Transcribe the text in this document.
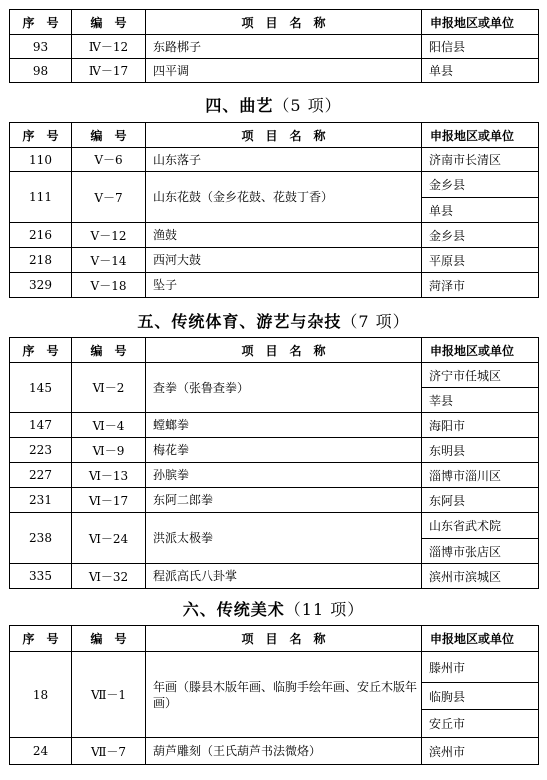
序　号	编　号	项　目　名　称	申报地区或单位
93	Ⅳ－12	东路梆子	阳信县
98	Ⅳ－17	四平调	单县
四、曲艺（5 项）
序　号	编　号	项　目　名　称	申报地区或单位
110	Ⅴ－6	山东落子	济南市长清区
111	Ⅴ－7	山东花鼓（金乡花鼓、花鼓丁香）	金乡县
			单县
216	Ⅴ－12	渔鼓	金乡县
218	Ⅴ－14	西河大鼓	平原县
329	Ⅴ－18	坠子	菏泽市
五、传统体育、游艺与杂技（7 项）
序　号	编　号	项　目　名　称	申报地区或单位
145	Ⅵ－2	查拳（张鲁查拳）	济宁市任城区
			莘县
147	Ⅵ－4	螳螂拳	海阳市
223	Ⅵ－9	梅花拳	东明县
227	Ⅵ－13	孙膑拳	淄博市淄川区
231	Ⅵ－17	东阿二郎拳	东阿县
238	Ⅵ－24	洪派太极拳	山东省武术院
			淄博市张店区
335	Ⅵ－32	程派高氏八卦掌	滨州市滨城区
六、传统美术（11 项）
序　号	编　号	项　目　名　称	申报地区或单位
18	Ⅶ－1	年画（滕县木版年画、临朐手绘年画、安丘木版年画）	滕州市
			临朐县
			安丘市
24	Ⅶ－7	葫芦雕刻（王氏葫芦书法微烙）	滨州市
